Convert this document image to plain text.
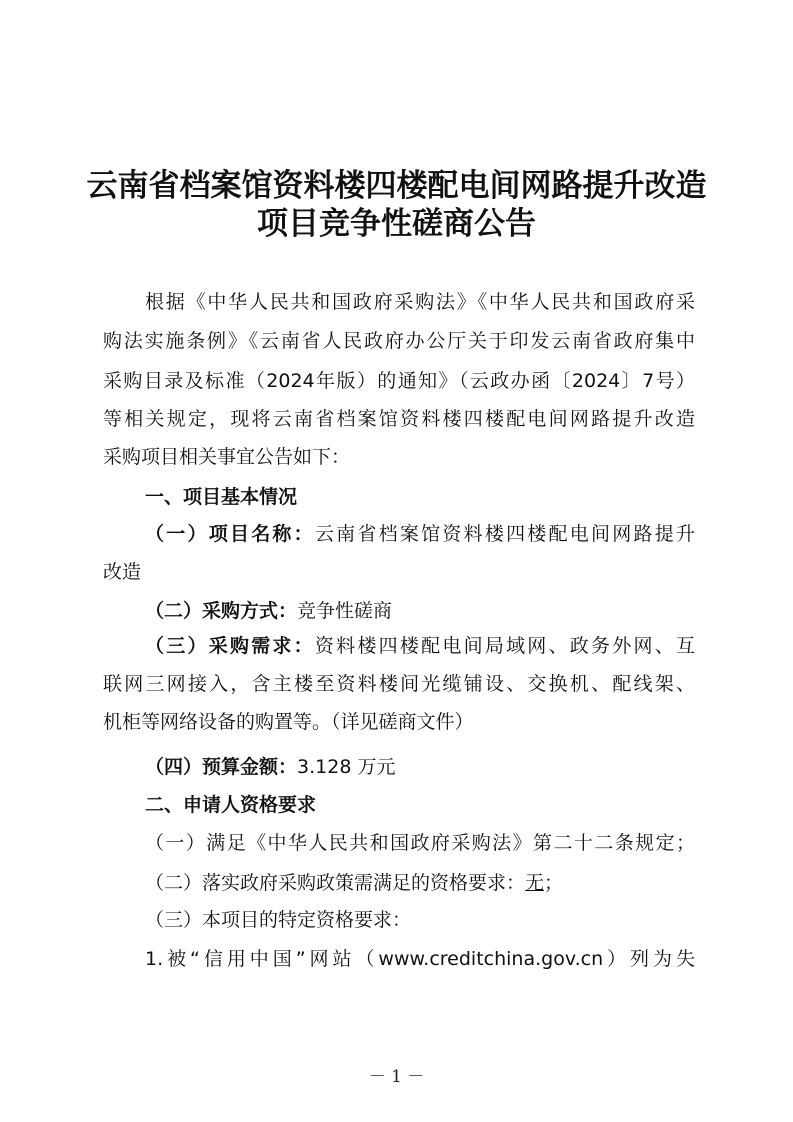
云南省档案馆资料楼四楼配电间网路提升改造
项目竞争性磋商公告
根据《中华人民共和国政府采购法》《中华人民共和国政府采
购法实施条例》《云南省人民政府办公厅关于印发云南省政府集中
采购目录及标准（2024年版）的通知》（云政办函〔2024〕7号）
等相关规定，现将云南省档案馆资料楼四楼配电间网路提升改造
采购项目相关事宜公告如下：
一、项目基本情况
（一）项目名称：云南省档案馆资料楼四楼配电间网路提升
改造
（二）采购方式：竞争性磋商
（三）采购需求：资料楼四楼配电间局域网、政务外网、互
联网三网接入，含主楼至资料楼间光缆铺设、交换机、配线架、
机柜等网络设备的购置等。（详见磋商文件）
（四）预算金额：3.128 万元
二、申请人资格要求
（一）满足《中华人民共和国政府采购法》第二十二条规定；
（二）落实政府采购政策需满足的资格要求：无；
（三）本项目的特定资格要求：
1.被“信用中国”网站（www.creditchina.gov.cn）列为失
－ 1 －
